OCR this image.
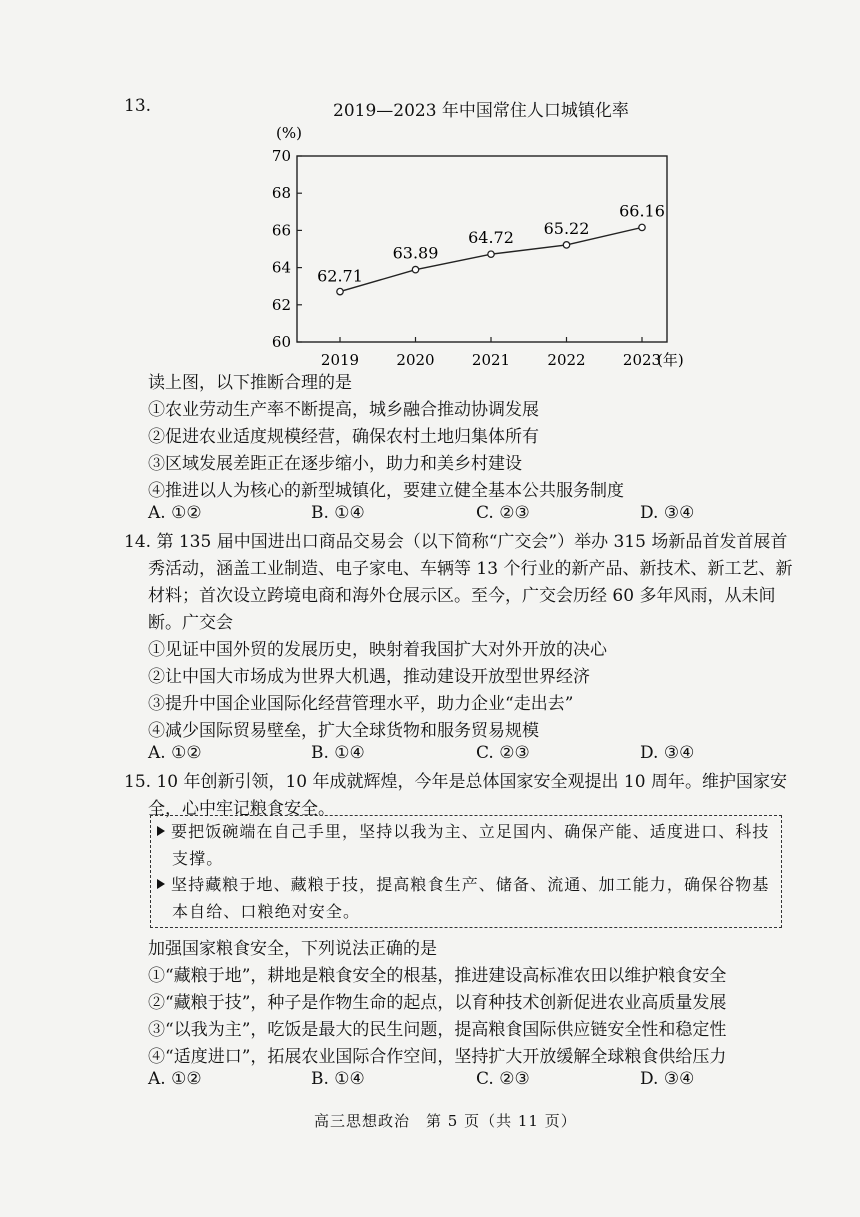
13.	2019—2023 年中国常住人口城镇化率
(%)
60
62
64
66
68
70
2019 2020 2021 2022 2023
(年)
62.71
63.89
64.72 65.22
66.16
读上图，以下推断合理的是
①农业劳动生产率不断提高，城乡融合推动协调发展
②促进农业适度规模经营，确保农村土地归集体所有
③区域发展差距正在逐步缩小，助力和美乡村建设
④推进以人为核心的新型城镇化，要建立健全基本公共服务制度
A. ①②	B. ①④	C. ②③	D. ③④
14. 第 135 届中国进出口商品交易会（以下简称“广交会”）举办 315 场新品首发首展首
秀活动，涵盖工业制造、电子家电、车辆等 13 个行业的新产品、新技术、新工艺、新
材料；首次设立跨境电商和海外仓展示区。至今，广交会历经 60 多年风雨，从未间
断。广交会
①见证中国外贸的发展历史，映射着我国扩大对外开放的决心
②让中国大市场成为世界大机遇，推动建设开放型世界经济
③提升中国企业国际化经营管理水平，助力企业“走出去”
④减少国际贸易壁垒，扩大全球货物和服务贸易规模
A. ①②	B. ①④	C. ②③	D. ③④
15. 10 年创新引领，10 年成就辉煌，今年是总体国家安全观提出 10 周年。维护国家安
全，心中牢记粮食安全。
要把饭碗端在自己手里，坚持以我为主、立足国内、确保产能、适度进口、科技
支撑。
坚持藏粮于地、藏粮于技，提高粮食生产、储备、流通、加工能力，确保谷物基
本自给、口粮绝对安全。
加强国家粮食安全，下列说法正确的是
①“藏粮于地”，耕地是粮食安全的根基，推进建设高标准农田以维护粮食安全
②“藏粮于技”，种子是作物生命的起点，以育种技术创新促进农业高质量发展
③“以我为主”，吃饭是最大的民生问题，提高粮食国际供应链安全性和稳定性
④“适度进口”，拓展农业国际合作空间，坚持扩大开放缓解全球粮食供给压力
A. ①②	B. ①④	C. ②③	D. ③④
高三思想政治　第 5 页（共 11 页）
